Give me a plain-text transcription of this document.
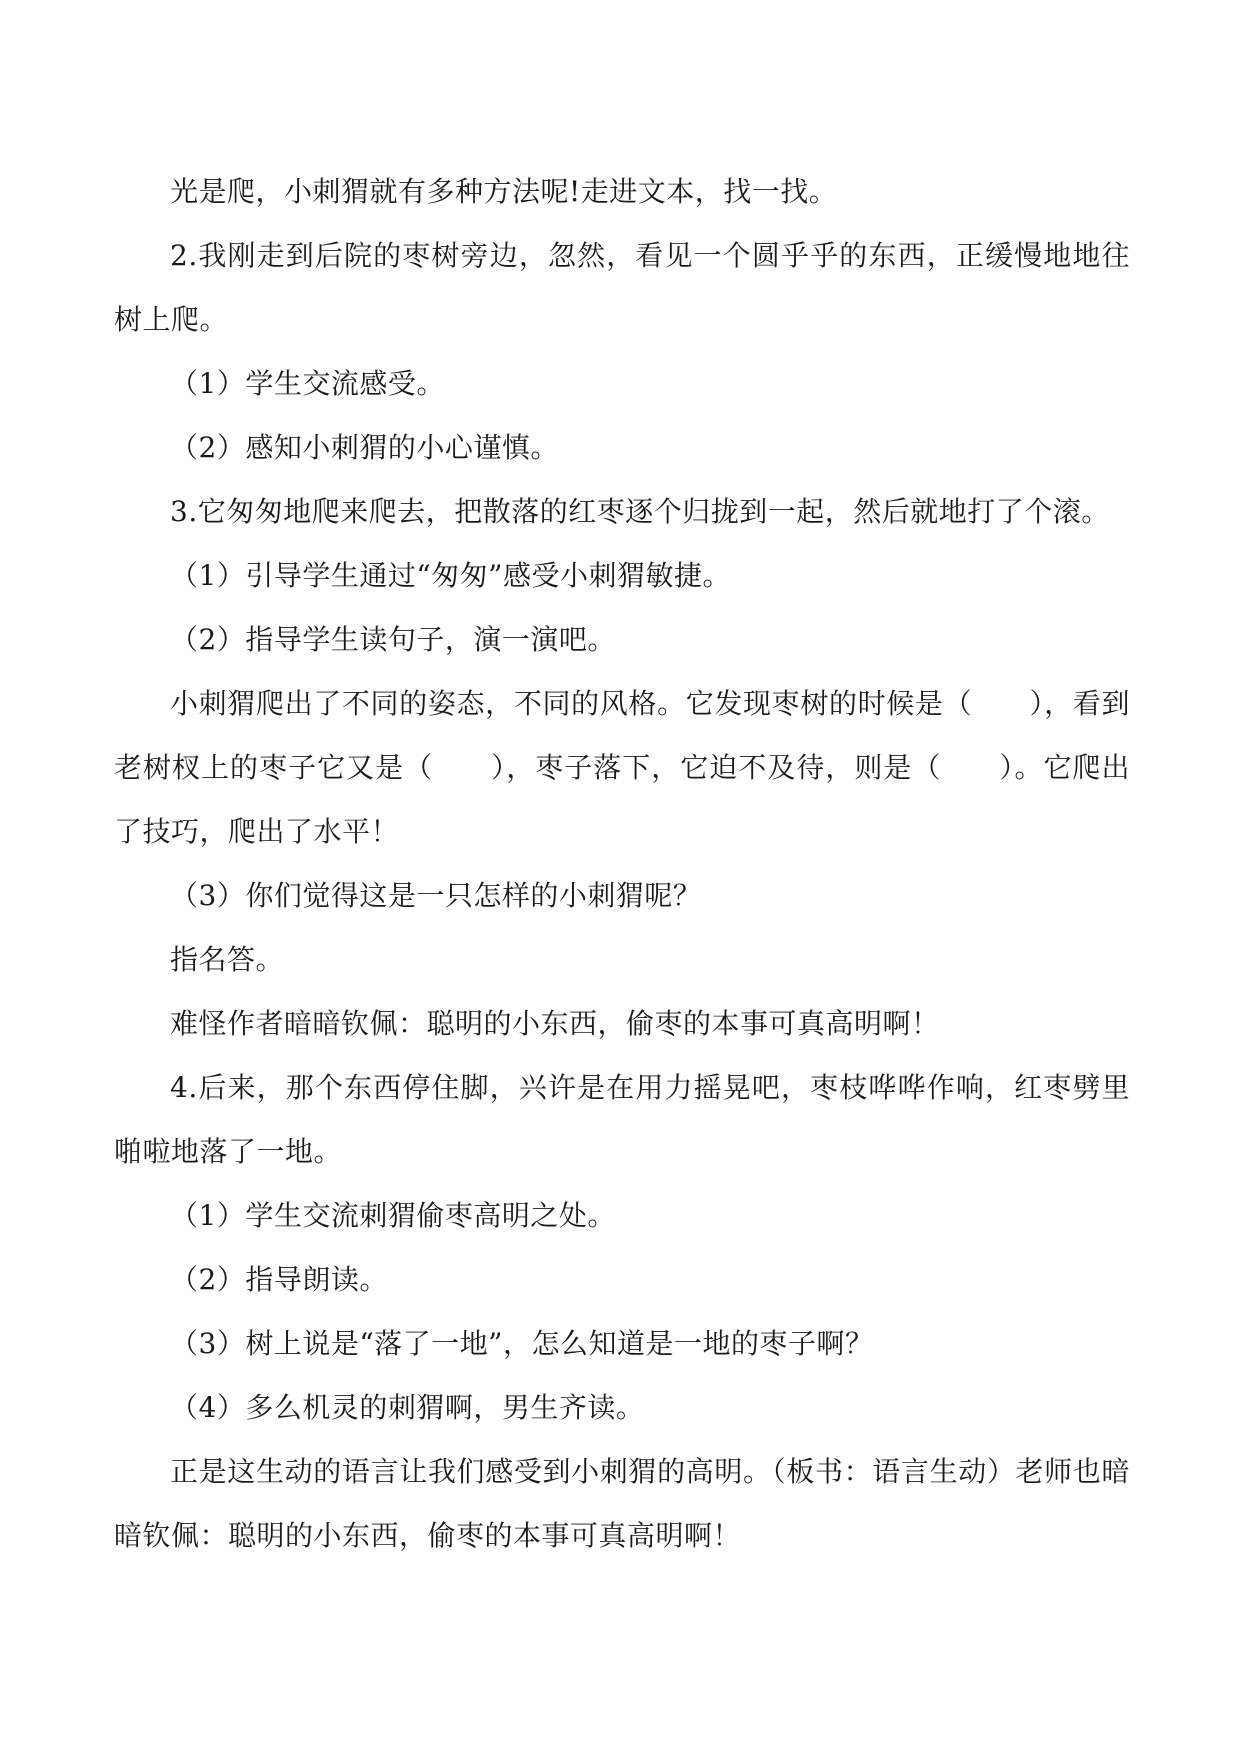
光是爬，小刺猬就有多种方法呢!走进文本，找一找。

2.我刚走到后院的枣树旁边，忽然，看见一个圆乎乎的东西，正缓慢地地往树上爬。

（1）学生交流感受。

（2）感知小刺猬的小心谨慎。

3.它匆匆地爬来爬去，把散落的红枣逐个归拢到一起，然后就地打了个滚。

（1）引导学生通过“匆匆”感受小刺猬敏捷。

（2）指导学生读句子，演一演吧。

小刺猬爬出了不同的姿态，不同的风格。它发现枣树的时候是（　　），看到老树杈上的枣子它又是（　　），枣子落下，它迫不及待，则是（　　）。它爬出了技巧，爬出了水平！

（3）你们觉得这是一只怎样的小刺猬呢？

指名答。

难怪作者暗暗钦佩：聪明的小东西，偷枣的本事可真高明啊！

4.后来，那个东西停住脚，兴许是在用力摇晃吧，枣枝哗哗作响，红枣劈里啪啦地落了一地。

（1）学生交流刺猬偷枣高明之处。

（2）指导朗读。

（3）树上说是“落了一地”，怎么知道是一地的枣子啊？

（4）多么机灵的刺猬啊，男生齐读。

正是这生动的语言让我们感受到小刺猬的高明。（板书：语言生动）老师也暗暗钦佩：聪明的小东西，偷枣的本事可真高明啊！
